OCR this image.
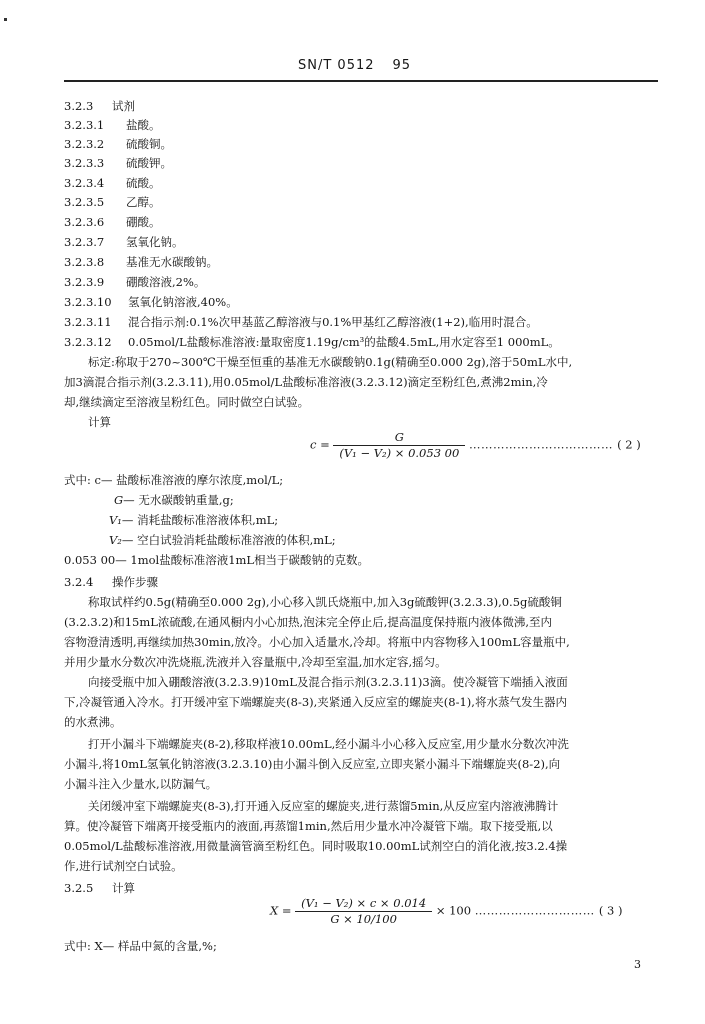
SN/T 0512 95
3.2.3 试剂
3.2.3.1 盐酸。
3.2.3.2 硫酸铜。
3.2.3.3 硫酸钾。
3.2.3.4 硫酸。
3.2.3.5 乙醇。
3.2.3.6 硼酸。
3.2.3.7 氢氧化钠。
3.2.3.8 基准无水碳酸钠。
3.2.3.9 硼酸溶液,2%。
3.2.3.10 氢氧化钠溶液,40%。
3.2.3.11 混合指示剂:0.1%次甲基蓝乙醇溶液与0.1%甲基红乙醇溶液(1+2),临用时混合。
3.2.3.12 0.05mol/L盐酸标准溶液:量取密度1.19g/cm³的盐酸4.5mL,用水定容至1 000mL。
标定:称取于270~300℃干燥至恒重的基准无水碳酸钠0.1g(精确至0.000 2g),溶于50mL水中,
加3滴混合指示剂(3.2.3.11),用0.05mol/L盐酸标准溶液(3.2.3.12)滴定至粉红色,煮沸2min,冷
却,继续滴定至溶液呈粉红色。同时做空白试验。
计算
$c = \frac{G}{\text{(V₁ − V₂) × 0.053 00}}$ ……………………………… ( 2 )
式中: c— 盐酸标准溶液的摩尔浓度,mol/L;
G— 无水碳酸钠重量,g;
V₁— 消耗盐酸标准溶液体积,mL;
V₂— 空白试验消耗盐酸标准溶液的体积,mL;
0.053 00— 1mol盐酸标准溶液1mL相当于碳酸钠的克数。
3.2.4 操作步骤
称取试样约0.5g(精确至0.000 2g),小心移入凯氏烧瓶中,加入3g硫酸钾(3.2.3.3),0.5g硫酸铜
(3.2.3.2)和15mL浓硫酸,在通风橱内小心加热,泡沫完全停止后,提高温度保持瓶内液体微沸,至内
容物澄清透明,再继续加热30min,放冷。小心加入适量水,冷却。将瓶中内容物移入100mL容量瓶中,
并用少量水分数次冲洗烧瓶,洗液并入容量瓶中,冷却至室温,加水定容,摇匀。
向接受瓶中加入硼酸溶液(3.2.3.9)10mL及混合指示剂(3.2.3.11)3滴。使冷凝管下端插入液面
下,冷凝管通入冷水。打开缓冲室下端螺旋夹(8-3),夹紧通入反应室的螺旋夹(8-1),将水蒸气发生器内
的水煮沸。
打开小漏斗下端螺旋夹(8-2),移取样液10.00mL,经小漏斗小心移入反应室,用少量水分数次冲洗
小漏斗,将10mL氢氧化钠溶液(3.2.3.10)由小漏斗倒入反应室,立即夹紧小漏斗下端螺旋夹(8-2),向
小漏斗注入少量水,以防漏气。
关闭缓冲室下端螺旋夹(8-3),打开通入反应室的螺旋夹,进行蒸馏5min,从反应室内溶液沸腾计
算。使冷凝管下端离开接受瓶内的液面,再蒸馏1min,然后用少量水冲冷凝管下端。取下接受瓶,以
0.05mol/L盐酸标准溶液,用微量滴管滴至粉红色。同时吸取10.00mL试剂空白的消化液,按3.2.4操
作,进行试剂空白试验。
3.2.5 计算
$X = \frac{\text{(V₁ − V₂) × c × 0.014}}{G \times 10/100} \times 100$ ………………………… ( 3 )
式中: X— 样品中氮的含量,%;
3
